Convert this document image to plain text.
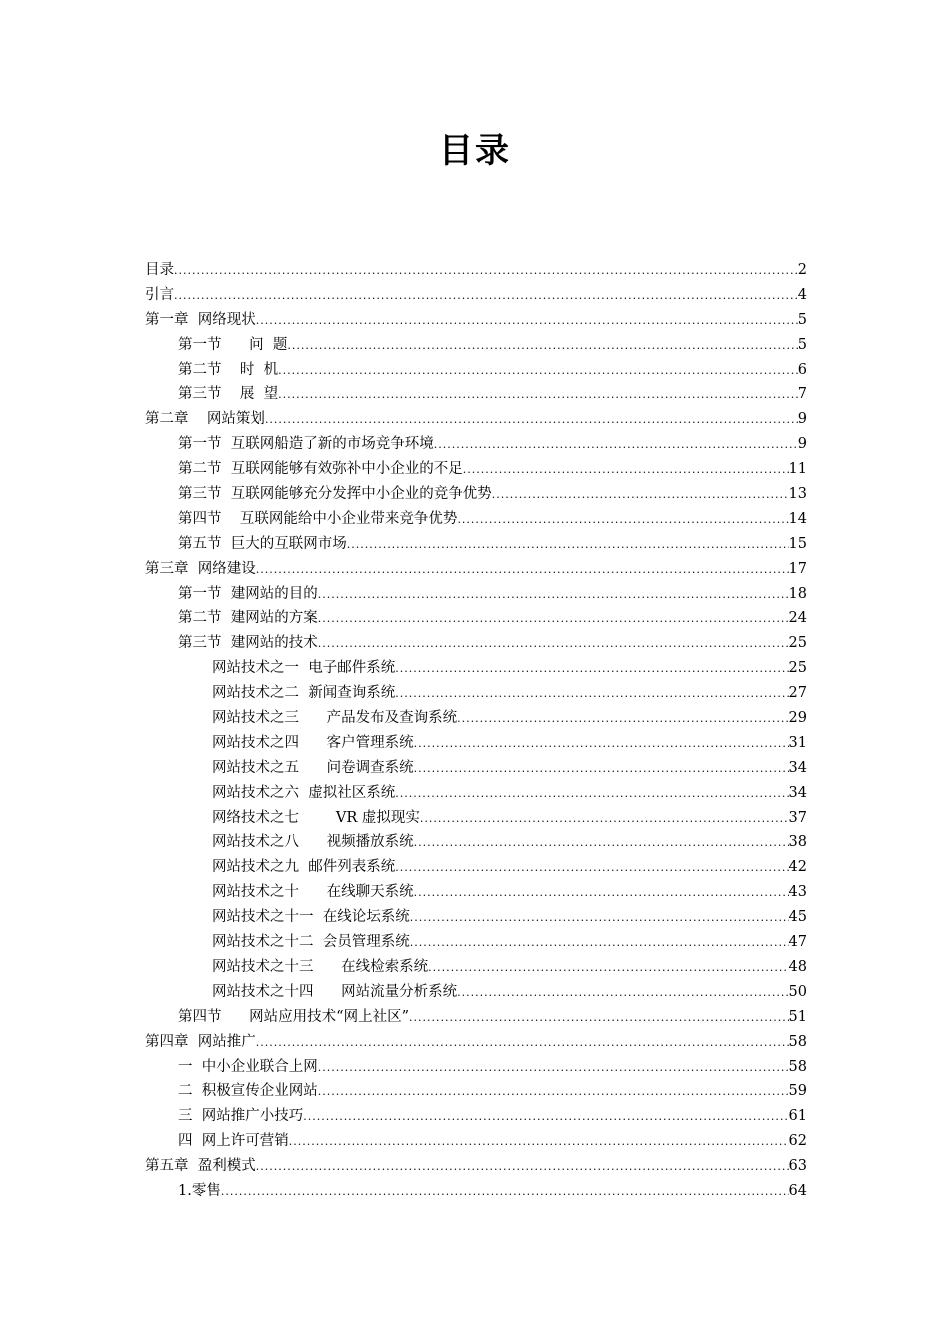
目录
目录 .....	2
引言 .....	4
第一章  网络现状 .....	5
第一节      问  题 .....	5
第二节    时  机 .....	6
第三节    展  望 .....	7
第二章    网站策划 .....	9
第一节  互联网船造了新的市场竞争环境 .....	9
第二节  互联网能够有效弥补中小企业的不足 .....	11
第三节  互联网能够充分发挥中小企业的竞争优势 .....	13
第四节    互联网能给中小企业带来竞争优势 .....	14
第五节  巨大的互联网市场 .....	15
第三章  网络建设 .....	17
第一节  建网站的目的 .....	18
第二节  建网站的方案 .....	24
第三节  建网站的技术 .....	25
网站技术之一  电子邮件系统 .....	25
网站技术之二  新闻查询系统 .....	27
网站技术之三      产品发布及查询系统 .....	29
网站技术之四      客户管理系统 .....	31
网站技术之五      问卷调查系统 .....	34
网站技术之六  虚拟社区系统 .....	34
网络技术之七        VR 虚拟现实 .....	37
网站技术之八      视频播放系统 .....	38
网站技术之九  邮件列表系统 .....	42
网站技术之十      在线聊天系统 .....	43
网站技术之十一  在线论坛系统 .....	45
网站技术之十二  会员管理系统 .....	47
网站技术之十三      在线检索系统 .....	48
网站技术之十四      网站流量分析系统 .....	50
第四节      网站应用技术“网上社区” .....	51
第四章  网站推广 .....	58
一  中小企业联合上网 .....	58
二  积极宣传企业网站 .....	59
三  网站推广小技巧 .....	61
四  网上许可营销 .....	62
第五章  盈利模式 .....	63
1.零售 .....	64
